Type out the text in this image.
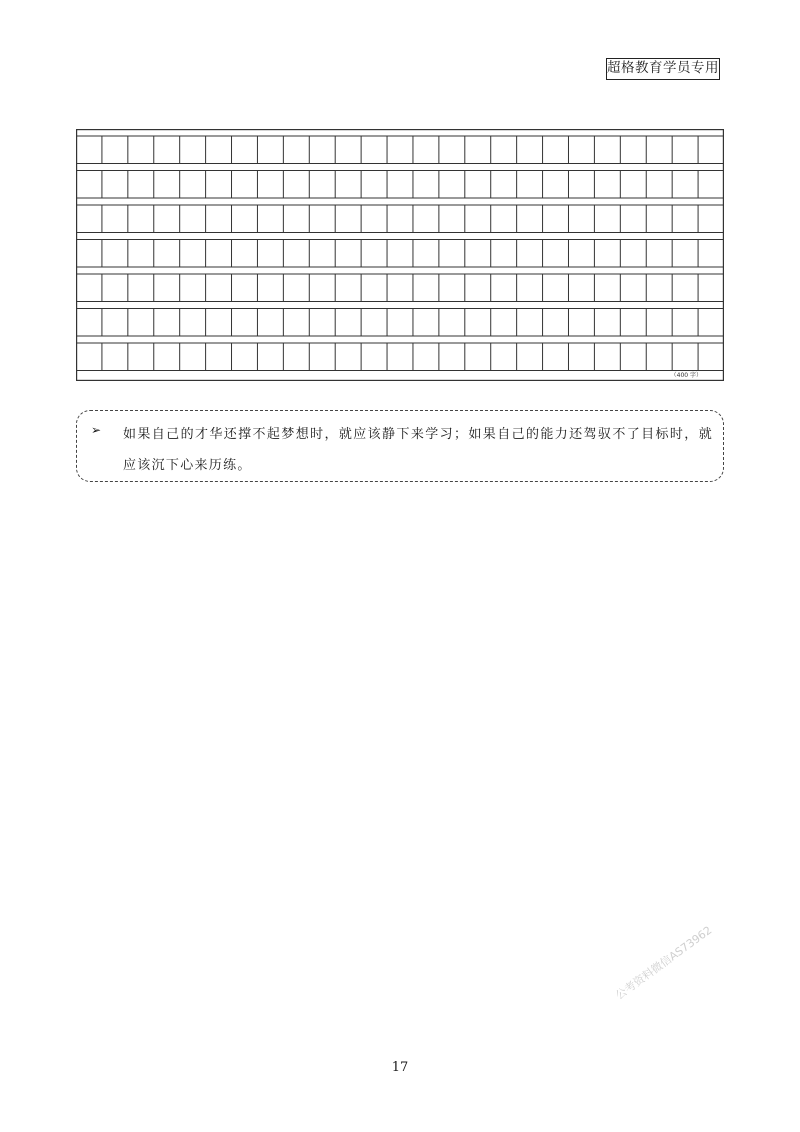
超格教育学员专用
（400 字）
➢ 如果自己的才华还撑不起梦想时，就应该静下来学习；如果自己的能力还驾驭不了目标时，就应该沉下心来历练。
17
公考资料微信AS73962
